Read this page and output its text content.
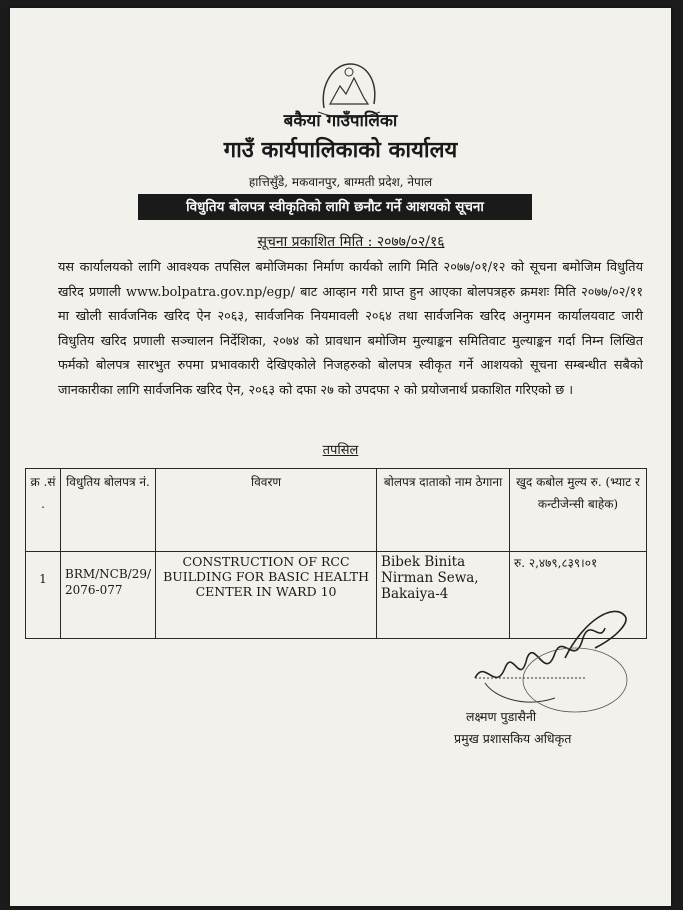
बकैया गाउँपालिका
गाउँ कार्यपालिकाको कार्यालय
हात्तिसुँडे, मकवानपुर, बाग्मती प्रदेश, नेपाल
विधुतिय बोलपत्र स्वीकृतिको लागि छनौट गर्ने आशयको सूचना
सूचना प्रकाशित मिति : २०७७/०२/१६
यस कार्यालयको लागि आवश्यक तपसिल बमोजिमका निर्माण कार्यको लागि मिति २०७७/०१/१२ को सूचना बमोजिम विधुतिय खरिद प्रणाली www.bolpatra.gov.np/egp/ बाट आव्हान गरी प्राप्त हुन आएका बोलपत्रहरु क्रमशः मिति २०७७/०२/११ मा खोली सार्वजनिक खरिद ऐन २०६३, सार्वजनिक नियमावली २०६४ तथा सार्वजनिक खरिद अनुगमन कार्यालयवाट जारी विधुतिय खरिद प्रणाली सञ्चालन निर्देशिका, २०७४ को प्रावधान बमोजिम मुल्याङ्कन समितिवाट मुल्याङ्कन गर्दा निम्न लिखित फर्मको बोलपत्र सारभुत रुपमा प्रभावकारी देखिएकोले निजहरुको बोलपत्र स्वीकृत गर्ने आशयको सूचना सम्बन्धीत सबैको जानकारीका लागि सार्वजनिक खरिद ऐन, २०६३ को दफा २७ को उपदफा २ को प्रयोजनार्थ प्रकाशित गरिएको छ ।
तपसिल
क्र .सं .	विधुतिय बोलपत्र नं.	विवरण	बोलपत्र दाताको नाम ठेगाना	खुद कबोल मुल्य रु. (भ्याट र कन्टीजेन्सी बाहेक)
1	BRM/NCB/29/ 2076-077	CONSTRUCTION OF RCC BUILDING FOR BASIC HEALTH CENTER IN WARD 10	Bibek Binita Nirman Sewa, Bakaiya-4	रु. २,४७९,८३९।०१
लक्ष्मण पुडासैनी
प्रमुख प्रशासकिय अधिकृत
